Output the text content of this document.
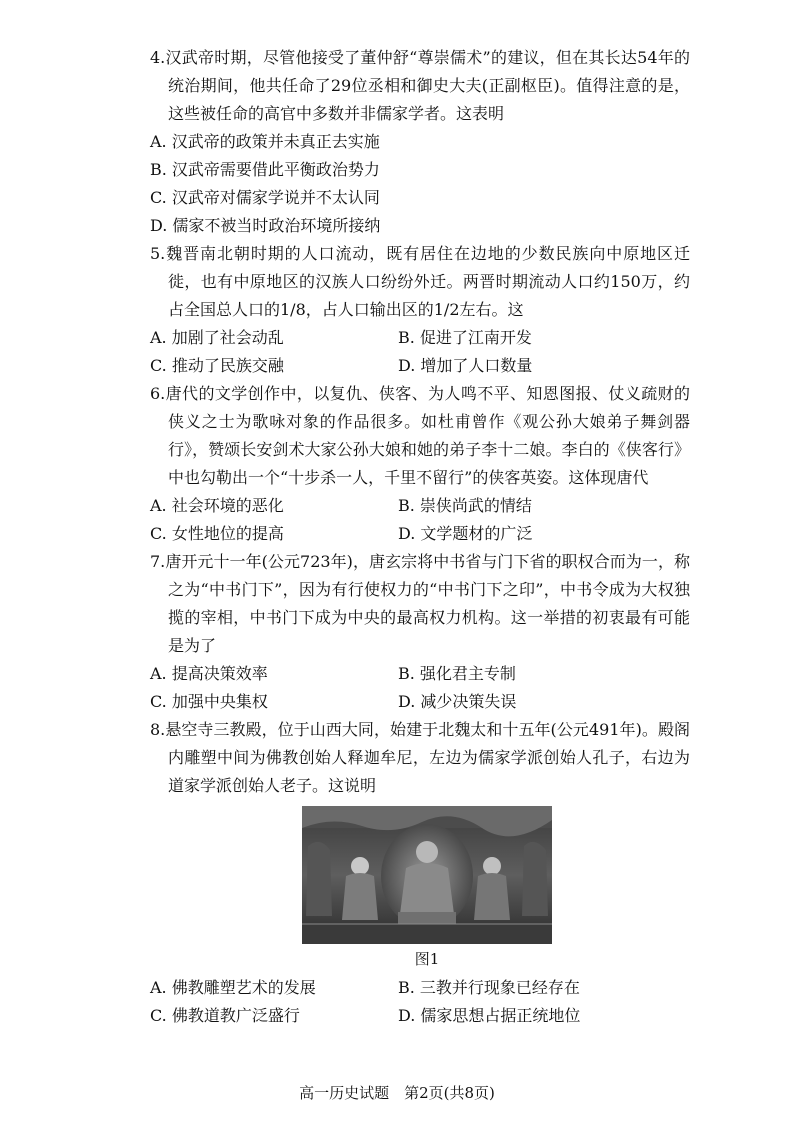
4.汉武帝时期，尽管他接受了董仲舒“尊崇儒术”的建议，但在其长达54年的统治期间，他共任命了29位丞相和御史大夫(正副枢臣)。值得注意的是，这些被任命的高官中多数并非儒家学者。这表明
A. 汉武帝的政策并未真正去实施
B. 汉武帝需要借此平衡政治势力
C. 汉武帝对儒家学说并不太认同
D. 儒家不被当时政治环境所接纳
5.魏晋南北朝时期的人口流动，既有居住在边地的少数民族向中原地区迁徙，也有中原地区的汉族人口纷纷外迁。两晋时期流动人口约150万，约占全国总人口的1/8，占人口输出区的1/2左右。这
A. 加剧了社会动乱	B. 促进了江南开发
C. 推动了民族交融	D. 增加了人口数量
6.唐代的文学创作中，以复仇、侠客、为人鸣不平、知恩图报、仗义疏财的侠义之士为歌咏对象的作品很多。如杜甫曾作《观公孙大娘弟子舞剑器行》，赞颂长安剑术大家公孙大娘和她的弟子李十二娘。李白的《侠客行》中也勾勒出一个“十步杀一人，千里不留行”的侠客英姿。这体现唐代
A. 社会环境的恶化	B. 崇侠尚武的情结
C. 女性地位的提高	D. 文学题材的广泛
7.唐开元十一年(公元723年)，唐玄宗将中书省与门下省的职权合而为一，称之为“中书门下”，因为有行使权力的“中书门下之印”，中书令成为大权独揽的宰相，中书门下成为中央的最高权力机构。这一举措的初衷最有可能是为了
A. 提高决策效率	B. 强化君主专制
C. 加强中央集权	D. 减少决策失误
8.悬空寺三教殿，位于山西大同，始建于北魏太和十五年(公元491年)。殿阁内雕塑中间为佛教创始人释迦牟尼，左边为儒家学派创始人孔子，右边为道家学派创始人老子。这说明
图1
A. 佛教雕塑艺术的发展	B. 三教并行现象已经存在
C. 佛教道教广泛盛行	D. 儒家思想占据正统地位
高一历史试题　第2页(共8页)
